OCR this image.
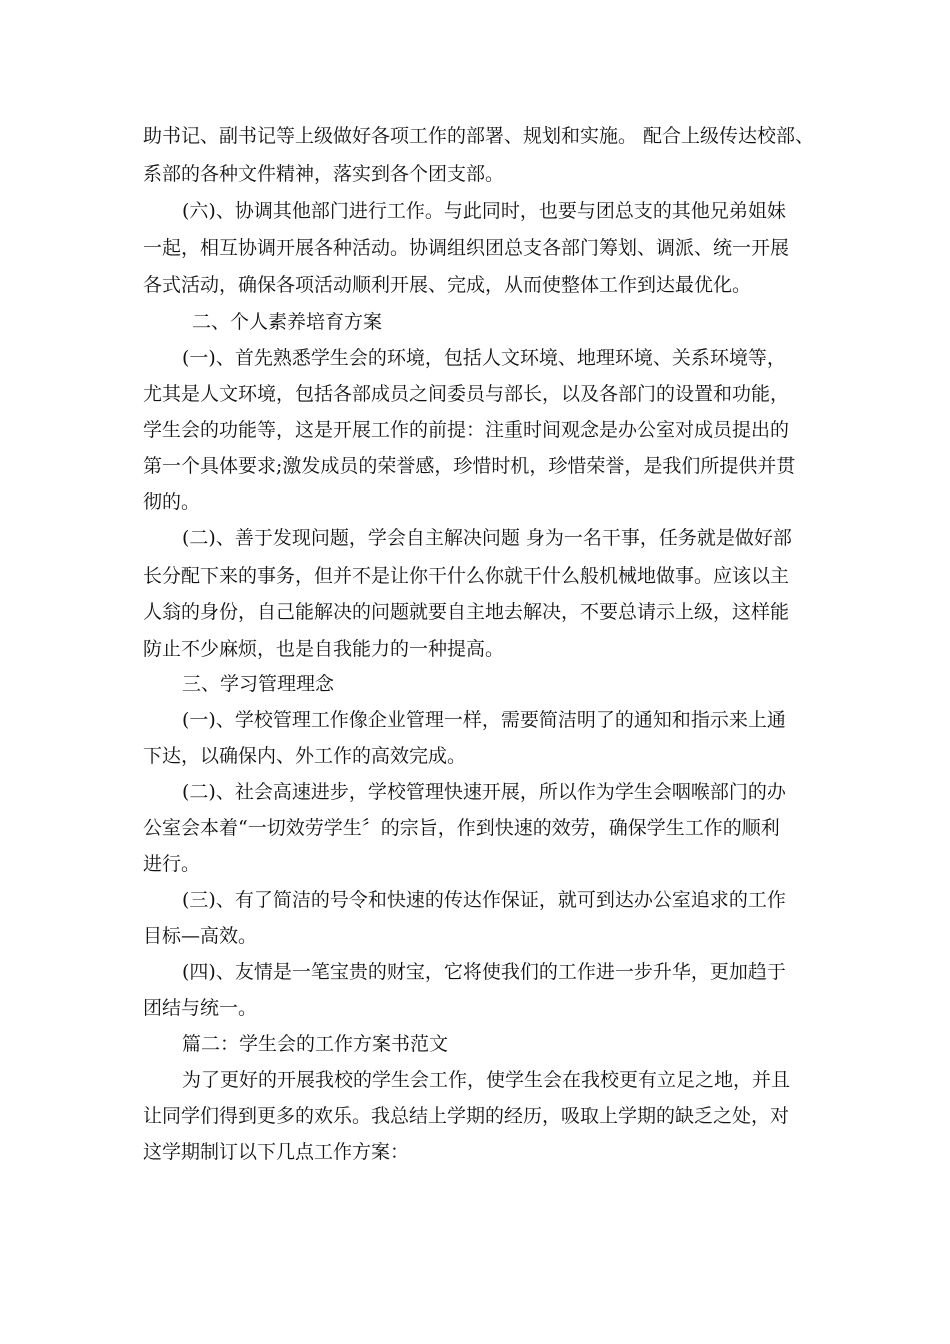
助书记、副书记等上级做好各项工作的部署、规划和实施。 配合上级传达校部、
系部的各种文件精神，落实到各个团支部。
(六)、协调其他部门进行工作。与此同时，也要与团总支的其他兄弟姐妹
一起，相互协调开展各种活动。协调组织团总支各部门筹划、调派、统一开展
各式活动，确保各项活动顺利开展、完成，从而使整体工作到达最优化。
二、个人素养培育方案
(一)、首先熟悉学生会的环境，包括人文环境、地理环境、关系环境等，
尤其是人文环境，包括各部成员之间委员与部长，以及各部门的设置和功能，
学生会的功能等，这是开展工作的前提：注重时间观念是办公室对成员提出的
第一个具体要求;激发成员的荣誉感，珍惜时机，珍惜荣誉，是我们所提供并贯
彻的。
(二)、善于发现问题，学会自主解决问题 身为一名干事，任务就是做好部
长分配下来的事务，但并不是让你干什么你就干什么般机械地做事。应该以主
人翁的身份，自己能解决的问题就要自主地去解决，不要总请示上级，这样能
防止不少麻烦，也是自我能力的一种提高。
三、学习管理理念
(一)、学校管理工作像企业管理一样，需要简洁明了的通知和指示来上通
下达，以确保内、外工作的高效完成。
(二)、社会高速进步，学校管理快速开展，所以作为学生会咽喉部门的办
公室会本着“一切效劳学生〞的宗旨，作到快速的效劳，确保学生工作的顺利
进行。
(三)、有了简洁的号令和快速的传达作保证，就可到达办公室追求的工作
目标—高效。
(四)、友情是一笔宝贵的财宝，它将使我们的工作进一步升华，更加趋于
团结与统一。
篇二：学生会的工作方案书范文
为了更好的开展我校的学生会工作，使学生会在我校更有立足之地，并且
让同学们得到更多的欢乐。我总结上学期的经历，吸取上学期的缺乏之处，对
这学期制订以下几点工作方案：
